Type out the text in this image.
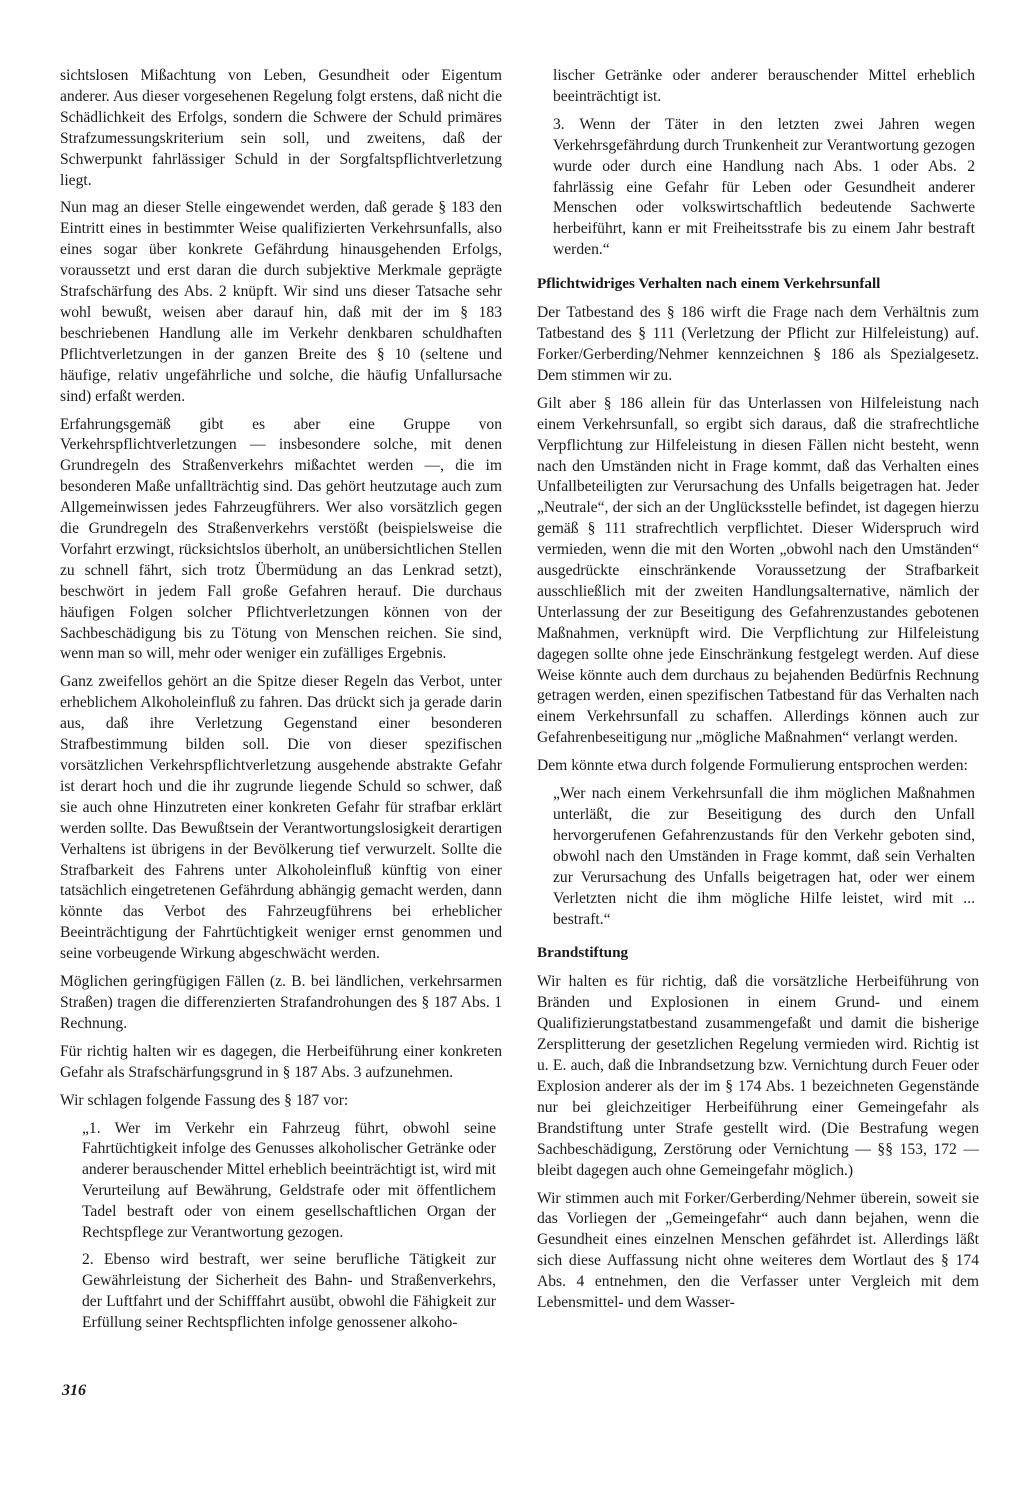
sichtslosen Mißachtung von Leben, Gesundheit oder Eigentum anderer. Aus dieser vorgesehenen Regelung folgt erstens, daß nicht die Schädlichkeit des Erfolgs, sondern die Schwere der Schuld primäres Strafzumessungskriterium sein soll, und zweitens, daß der Schwerpunkt fahrlässiger Schuld in der Sorgfaltspflichtverletzung liegt.

Nun mag an dieser Stelle eingewendet werden, daß gerade § 183 den Eintritt eines in bestimmter Weise qualifizierten Verkehrsunfalls, also eines sogar über konkrete Gefährdung hinausgehenden Erfolgs, voraussetzt und erst daran die durch subjektive Merkmale geprägte Strafschärfung des Abs. 2 knüpft. Wir sind uns dieser Tatsache sehr wohl bewußt, weisen aber darauf hin, daß mit der im § 183 beschriebenen Handlung alle im Verkehr denkbaren schuldhaften Pflichtverletzungen in der ganzen Breite des § 10 (seltene und häufige, relativ ungefährliche und solche, die häufig Unfallursache sind) erfaßt werden.

Erfahrungsgemäß gibt es aber eine Gruppe von Verkehrspflichtverletzungen — insbesondere solche, mit denen Grundregeln des Straßenverkehrs mißachtet werden —, die im besonderen Maße unfallträchtig sind. Das gehört heutzutage auch zum Allgemeinwissen jedes Fahrzeugführers. Wer also vorsätzlich gegen die Grundregeln des Straßenverkehrs verstößt (beispielsweise die Vorfahrt erzwingt, rücksichtslos überholt, an unübersichtlichen Stellen zu schnell fährt, sich trotz Übermüdung an das Lenkrad setzt), beschwört in jedem Fall große Gefahren herauf. Die durchaus häufigen Folgen solcher Pflichtverletzungen können von der Sachbeschädigung bis zu Tötung von Menschen reichen. Sie sind, wenn man so will, mehr oder weniger ein zufälliges Ergebnis.

Ganz zweifellos gehört an die Spitze dieser Regeln das Verbot, unter erheblichem Alkoholeinfluß zu fahren. Das drückt sich ja gerade darin aus, daß ihre Verletzung Gegenstand einer besonderen Strafbestimmung bilden soll. Die von dieser spezifischen vorsätzlichen Verkehrspflichtverletzung ausgehende abstrakte Gefahr ist derart hoch und die ihr zugrunde liegende Schuld so schwer, daß sie auch ohne Hinzutreten einer konkreten Gefahr für strafbar erklärt werden sollte. Das Bewußtsein der Verantwortungslosigkeit derartigen Verhaltens ist übrigens in der Bevölkerung tief verwurzelt. Sollte die Strafbarkeit des Fahrens unter Alkoholeinfluß künftig von einer tatsächlich eingetretenen Gefährdung abhängig gemacht werden, dann könnte das Verbot des Fahrzeugführens bei erheblicher Beeinträchtigung der Fahrtüchtigkeit weniger ernst genommen und seine vorbeugende Wirkung abgeschwächt werden.

Möglichen geringfügigen Fällen (z. B. bei ländlichen, verkehrsarmen Straßen) tragen die differenzierten Strafandrohungen des § 187 Abs. 1 Rechnung.

Für richtig halten wir es dagegen, die Herbeiführung einer konkreten Gefahr als Strafschärfungsgrund in § 187 Abs. 3 aufzunehmen.

Wir schlagen folgende Fassung des § 187 vor:

„1. Wer im Verkehr ein Fahrzeug führt, obwohl seine Fahrtüchtigkeit infolge des Genusses alkoholischer Getränke oder anderer berauschender Mittel erheblich beeinträchtigt ist, wird mit Verurteilung auf Bewährung, Geldstrafe oder mit öffentlichem Tadel bestraft oder von einem gesellschaftlichen Organ der Rechtspflege zur Verantwortung gezogen.

2. Ebenso wird bestraft, wer seine berufliche Tätigkeit zur Gewährleistung der Sicherheit des Bahn- und Straßenverkehrs, der Luftfahrt und der Schifffahrt ausübt, obwohl die Fähigkeit zur Erfüllung seiner Rechtspflichten infolge genossener alkoho-

lischer Getränke oder anderer berauschender Mittel erheblich beeinträchtigt ist.

3. Wenn der Täter in den letzten zwei Jahren wegen Verkehrsgefährdung durch Trunkenheit zur Verantwortung gezogen wurde oder durch eine Handlung nach Abs. 1 oder Abs. 2 fahrlässig eine Gefahr für Leben oder Gesundheit anderer Menschen oder volkswirtschaftlich bedeutende Sachwerte herbeiführt, kann er mit Freiheitsstrafe bis zu einem Jahr bestraft werden.“

Pflichtwidriges Verhalten nach einem Verkehrsunfall

Der Tatbestand des § 186 wirft die Frage nach dem Verhältnis zum Tatbestand des § 111 (Verletzung der Pflicht zur Hilfeleistung) auf. Forker/Gerberding/Nehmer kennzeichnen § 186 als Spezialgesetz. Dem stimmen wir zu.

Gilt aber § 186 allein für das Unterlassen von Hilfeleistung nach einem Verkehrsunfall, so ergibt sich daraus, daß die strafrechtliche Verpflichtung zur Hilfeleistung in diesen Fällen nicht besteht, wenn nach den Umständen nicht in Frage kommt, daß das Verhalten eines Unfallbeteiligten zur Verursachung des Unfalls beigetragen hat. Jeder „Neutrale“, der sich an der Unglücksstelle befindet, ist dagegen hierzu gemäß § 111 strafrechtlich verpflichtet. Dieser Widerspruch wird vermieden, wenn die mit den Worten „obwohl nach den Umständen“ ausgedrückte einschränkende Voraussetzung der Strafbarkeit ausschließlich mit der zweiten Handlungsalternative, nämlich der Unterlassung der zur Beseitigung des Gefahrenzustandes gebotenen Maßnahmen, verknüpft wird. Die Verpflichtung zur Hilfeleistung dagegen sollte ohne jede Einschränkung festgelegt werden. Auf diese Weise könnte auch dem durchaus zu bejahenden Bedürfnis Rechnung getragen werden, einen spezifischen Tatbestand für das Verhalten nach einem Verkehrsunfall zu schaffen. Allerdings können auch zur Gefahrenbeseitigung nur „mögliche Maßnahmen“ verlangt werden.

Dem könnte etwa durch folgende Formulierung entsprochen werden:

„Wer nach einem Verkehrsunfall die ihm möglichen Maßnahmen unterläßt, die zur Beseitigung des durch den Unfall hervorgerufenen Gefahrenzustands für den Verkehr geboten sind, obwohl nach den Umständen in Frage kommt, daß sein Verhalten zur Verursachung des Unfalls beigetragen hat, oder wer einem Verletzten nicht die ihm mögliche Hilfe leistet, wird mit ... bestraft.“

Brandstiftung

Wir halten es für richtig, daß die vorsätzliche Herbeiführung von Bränden und Explosionen in einem Grund- und einem Qualifizierungstatbestand zusammengefaßt und damit die bisherige Zersplitterung der gesetzlichen Regelung vermieden wird. Richtig ist u. E. auch, daß die Inbrandsetzung bzw. Vernichtung durch Feuer oder Explosion anderer als der im § 174 Abs. 1 bezeichneten Gegenstände nur bei gleichzeitiger Herbeiführung einer Gemeingefahr als Brandstiftung unter Strafe gestellt wird. (Die Bestrafung wegen Sachbeschädigung, Zerstörung oder Vernichtung — §§ 153, 172 — bleibt dagegen auch ohne Gemeingefahr möglich.)

Wir stimmen auch mit Forker/Gerberding/Nehmer überein, soweit sie das Vorliegen der „Gemeingefahr“ auch dann bejahen, wenn die Gesundheit eines einzelnen Menschen gefährdet ist. Allerdings läßt sich diese Auffassung nicht ohne weiteres dem Wortlaut des § 174 Abs. 4 entnehmen, den die Verfasser unter Vergleich mit dem Lebensmittel- und dem Wasser-

316
